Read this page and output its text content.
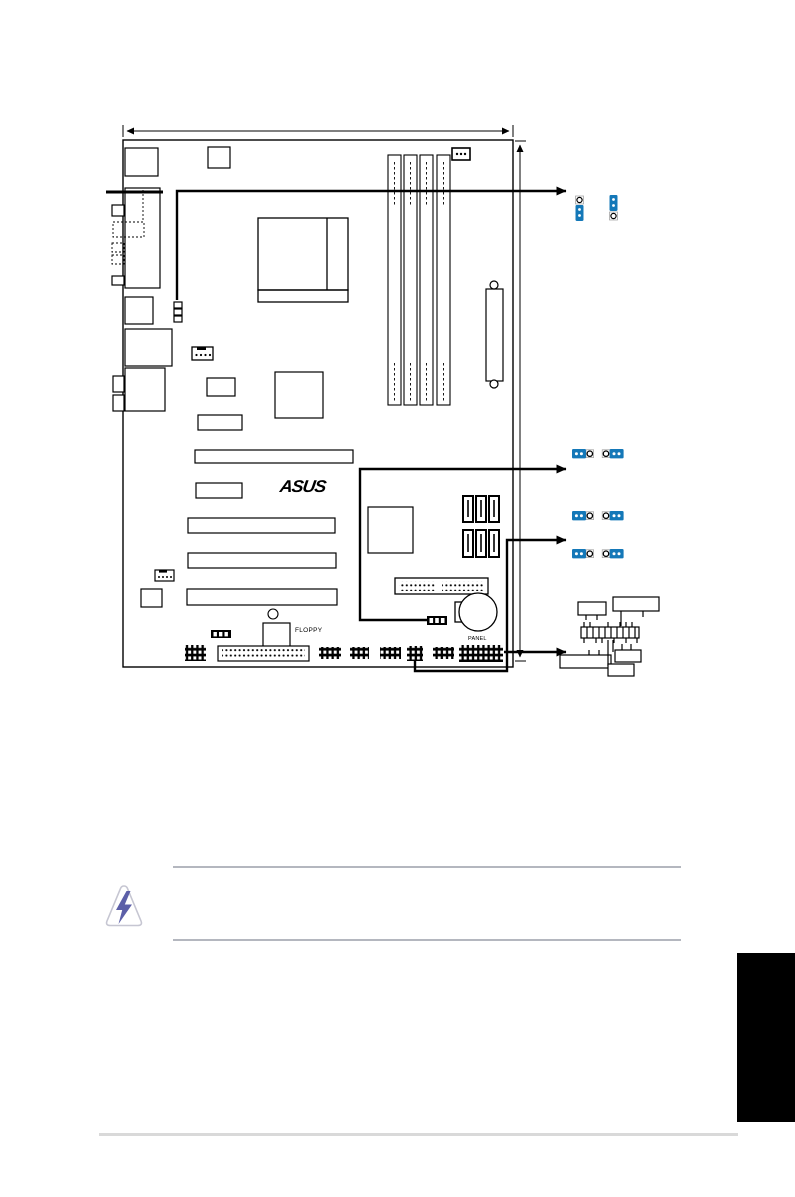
FLOPPY
PANEL
ASUS
